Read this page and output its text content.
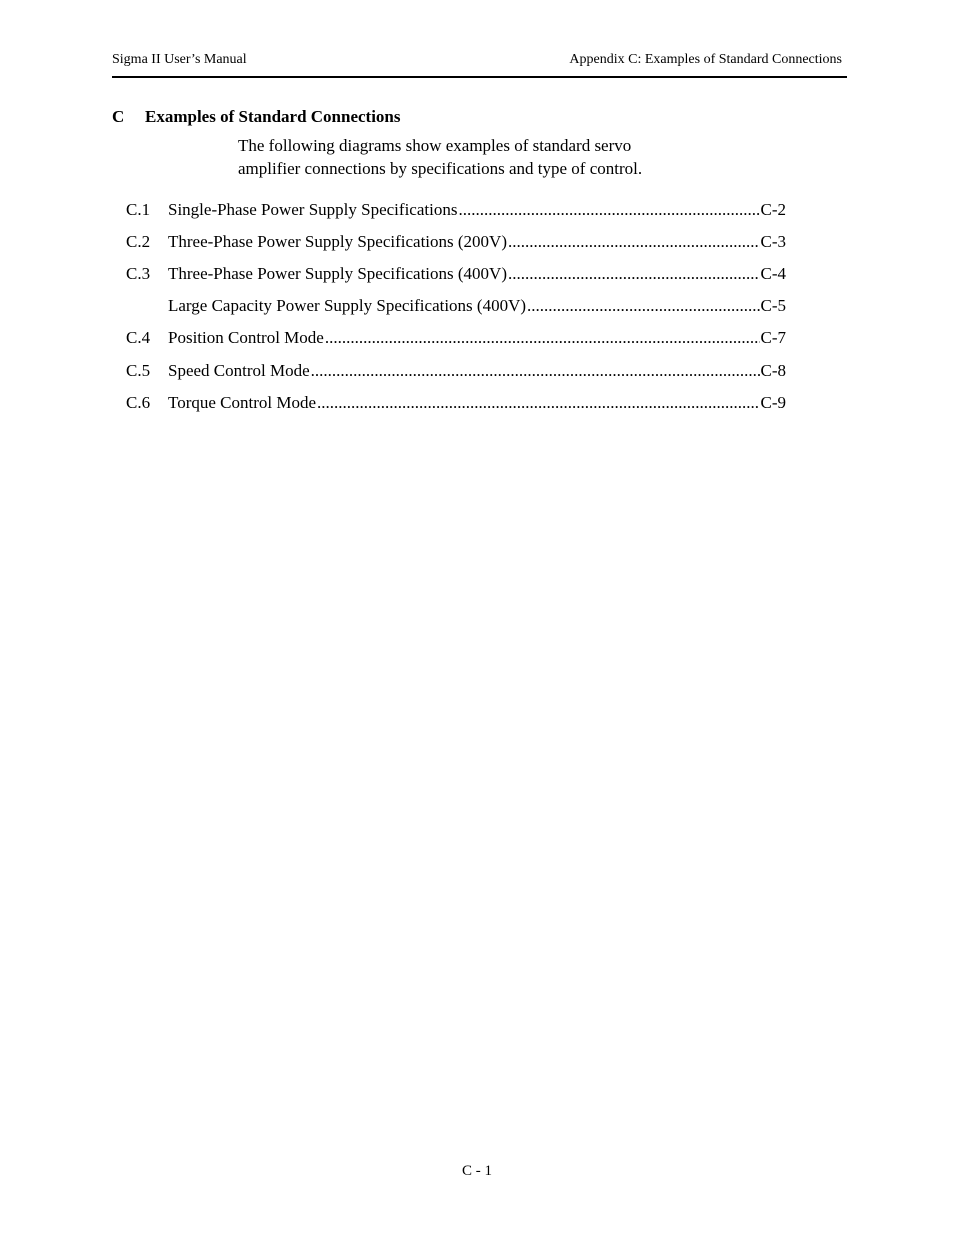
Sigma II User’s Manual	Appendix C: Examples of Standard Connections
C Examples of Standard Connections
The following diagrams show examples of standard servo
amplifier connections by specifications and type of control.
C.1	Single-Phase Power Supply Specifications .....	C-2
C.2	Three-Phase Power Supply Specifications (200V) .....	C-3
C.3	Three-Phase Power Supply Specifications (400V) .....	C-4
Large Capacity Power Supply Specifications (400V) .....	C-5
C.4	Position Control Mode .....	C-7
C.5	Speed Control Mode .....	C-8
C.6	Torque Control Mode .....	C-9
C - 1
